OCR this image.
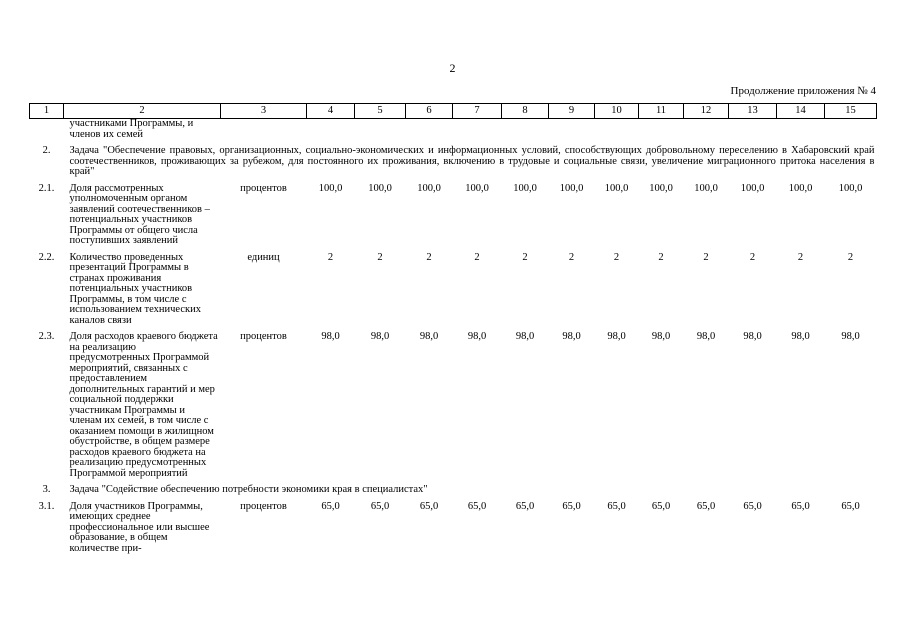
2
Продолжение приложения № 4
1	2	3	4	5	6	7	8	9	10	11	12	13	14	15
	участниками Программы, и членов их семей													

2.	Задача "Обеспечение правовых, организационных, социально-экономических и информационных условий, способствующих добровольному переселению в Хабаровский край соотечественников, проживающих за рубежом, для постоянного их проживания, включению в трудовые и социальные связи, увеличение миграционного притока населения в край"													

2.1.	Доля рассмотренных уполномоченным органом заявлений соотечественников – потенциальных участников Программы от общего числа поступивших заявлений	процентов	100,0	100,0	100,0	100,0	100,0	100,0	100,0	100,0	100,0	100,0	100,0	100,0

2.2.	Количество проведенных презентаций Программы в странах проживания потенциальных участников Программы, в том числе с использованием технических каналов связи	единиц	2	2	2	2	2	2	2	2	2	2	2	2

2.3.	Доля расходов краевого бюджета на реализацию предусмотренных Программой мероприятий, связанных с предоставлением дополнительных гарантий и мер социальной поддержки участникам Программы и членам их семей, в том числе с оказанием помощи в жилищном обустройстве, в общем размере расходов краевого бюджета на реализацию предусмотренных Программой мероприятий	процентов	98,0	98,0	98,0	98,0	98,0	98,0	98,0	98,0	98,0	98,0	98,0	98,0

3.	Задача "Содействие обеспечению потребности экономики края в специалистах"													

3.1.	Доля участников Программы, имеющих среднее профессиональное или высшее образование, в общем количестве при-	процентов	65,0	65,0	65,0	65,0	65,0	65,0	65,0	65,0	65,0	65,0	65,0	65,0
